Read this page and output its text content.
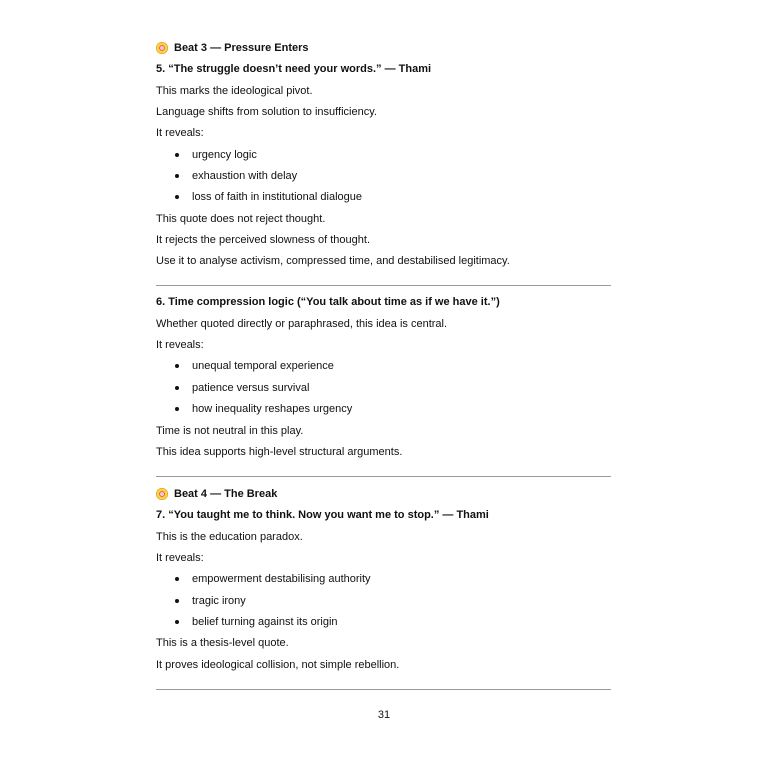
Beat 3 — Pressure Enters
5. “The struggle doesn’t need your words.” — Thami
This marks the ideological pivot.
Language shifts from solution to insufficiency.
It reveals:
urgency logic
exhaustion with delay
loss of faith in institutional dialogue
This quote does not reject thought.
It rejects the perceived slowness of thought.
Use it to analyse activism, compressed time, and destabilised legitimacy.
6. Time compression logic (“You talk about time as if we have it.”)
Whether quoted directly or paraphrased, this idea is central.
It reveals:
unequal temporal experience
patience versus survival
how inequality reshapes urgency
Time is not neutral in this play.
This idea supports high-level structural arguments.
Beat 4 — The Break
7. “You taught me to think. Now you want me to stop.” — Thami
This is the education paradox.
It reveals:
empowerment destabilising authority
tragic irony
belief turning against its origin
This is a thesis-level quote.
It proves ideological collision, not simple rebellion.
31
